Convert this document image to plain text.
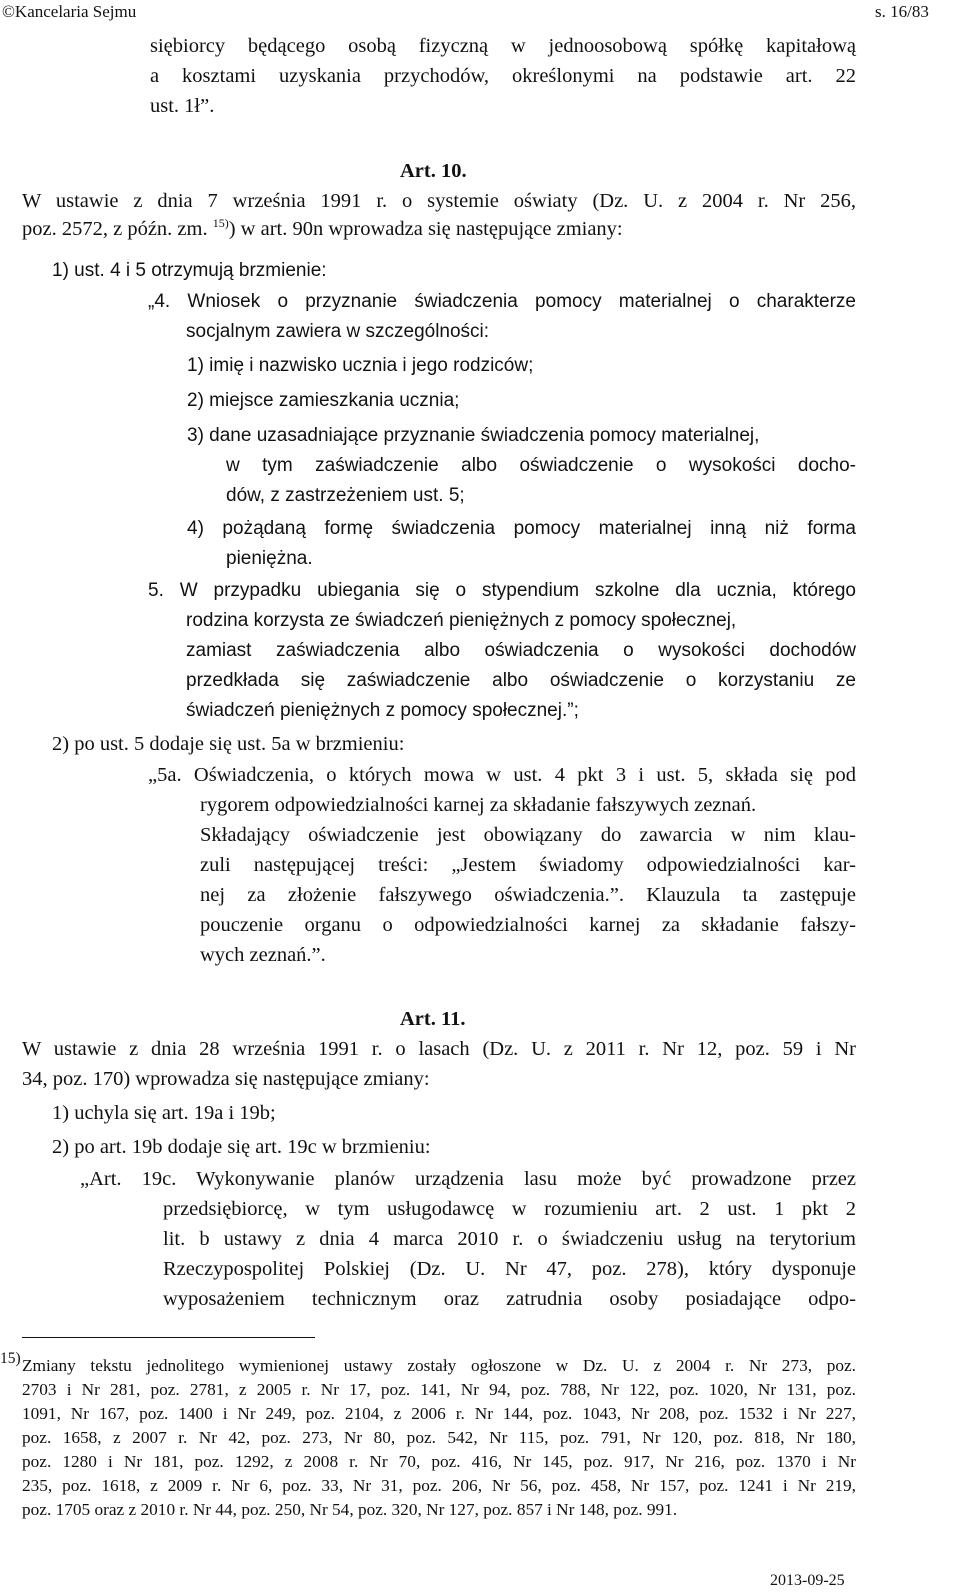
©Kancelaria Sejmu	s. 16/83

siębiorcy będącego osobą fizyczną w jednoosobową spółkę kapitałową
a kosztami uzyskania przychodów, określonymi na podstawie art. 22
ust. 1ł”.
Art. 10.
W ustawie z dnia 7 września 1991 r. o systemie oświaty (Dz. U. z 2004 r. Nr 256,
poz. 2572, z późn. zm. $^{15)}$) w art. 90n wprowadza się następujące zmiany:
1) ust. 4 i 5 otrzymują brzmienie:
„4. Wniosek o przyznanie świadczenia pomocy materialnej o charakterze
socjalnym zawiera w szczególności:
1) imię i nazwisko ucznia i jego rodziców;
2) miejsce zamieszkania ucznia;
3) dane uzasadniające przyznanie świadczenia pomocy materialnej,
w tym zaświadczenie albo oświadczenie o wysokości docho-
dów, z zastrzeżeniem ust. 5;
4) pożądaną formę świadczenia pomocy materialnej inną niż forma
pieniężna.
5. W przypadku ubiegania się o stypendium szkolne dla ucznia, którego
rodzina korzysta ze świadczeń pieniężnych z pomocy społecznej,
zamiast zaświadczenia albo oświadczenia o wysokości dochodów
przedkłada się zaświadczenie albo oświadczenie o korzystaniu ze
świadczeń pieniężnych z pomocy społecznej.”;
2) po ust. 5 dodaje się ust. 5a w brzmieniu:
„5a. Oświadczenia, o których mowa w ust. 4 pkt 3 i ust. 5, składa się pod
rygorem odpowiedzialności karnej za składanie fałszywych zeznań.
Składający oświadczenie jest obowiązany do zawarcia w nim klau-
zuli następującej treści: „Jestem świadomy odpowiedzialności kar-
nej za złożenie fałszywego oświadczenia.”. Klauzula ta zastępuje
pouczenie organu o odpowiedzialności karnej za składanie fałszy-
wych zeznań.”.
Art. 11.
W ustawie z dnia 28 września 1991 r. o lasach (Dz. U. z 2011 r. Nr 12, poz. 59 i Nr
34, poz. 170) wprowadza się następujące zmiany:
1) uchyla się art. 19a i 19b;
2) po art. 19b dodaje się art. 19c w brzmieniu:
„Art. 19c. Wykonywanie planów urządzenia lasu może być prowadzone przez
przedsiębiorcę, w tym usługodawcę w rozumieniu art. 2 ust. 1 pkt 2
lit. b ustawy z dnia 4 marca 2010 r. o świadczeniu usług na terytorium
Rzeczypospolitej Polskiej (Dz. U. Nr 47, poz. 278), który dysponuje
wyposażeniem technicznym oraz zatrudnia osoby posiadające odpo-
15) Zmiany tekstu jednolitego wymienionej ustawy zostały ogłoszone w Dz. U. z 2004 r. Nr 273, poz.
2703 i Nr 281, poz. 2781, z 2005 r. Nr 17, poz. 141, Nr 94, poz. 788, Nr 122, poz. 1020, Nr 131, poz.
1091, Nr 167, poz. 1400 i Nr 249, poz. 2104, z 2006 r. Nr 144, poz. 1043, Nr 208, poz. 1532 i Nr 227,
poz. 1658, z 2007 r. Nr 42, poz. 273, Nr 80, poz. 542, Nr 115, poz. 791, Nr 120, poz. 818, Nr 180,
poz. 1280 i Nr 181, poz. 1292, z 2008 r. Nr 70, poz. 416, Nr 145, poz. 917, Nr 216, poz. 1370 i Nr
235, poz. 1618, z 2009 r. Nr 6, poz. 33, Nr 31, poz. 206, Nr 56, poz. 458, Nr 157, poz. 1241 i Nr 219,
poz. 1705 oraz z 2010 r. Nr 44, poz. 250, Nr 54, poz. 320, Nr 127, poz. 857 i Nr 148, poz. 991.
2013-09-25
